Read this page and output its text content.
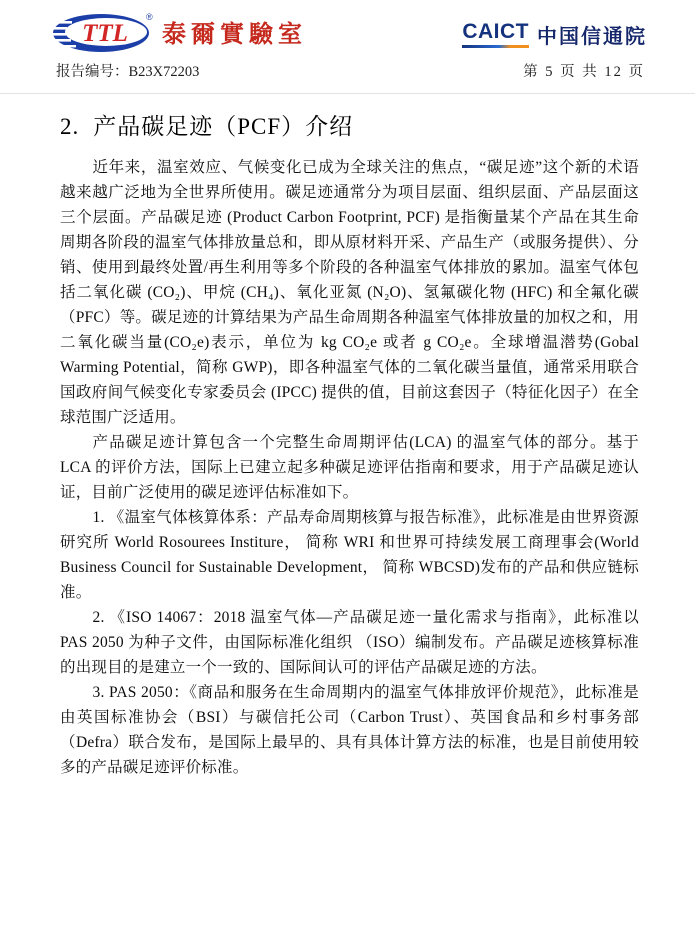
TTL
®
泰爾實驗室	CAICT 中国信通院
报告编号：B23X72203	第 5 页 共 12 页
2. 产品碳足迹（PCF）介绍

近年来，温室效应、气候变化已成为全球关注的焦点，“碳足迹”这个新的术语越来越广泛地为全世界所使用。碳足迹通常分为项目层面、组织层面、产品层面这三个层面。产品碳足迹 (Product Carbon Footprint, PCF) 是指衡量某个产品在其生命周期各阶段的温室气体排放量总和，即从原材料开采、产品生产（或服务提供）、分销、使用到最终处置/再生利用等多个阶段的各种温室气体排放的累加。温室气体包括二氧化碳 (CO₂)、甲烷 (CH₄)、氧化亚氮 (N₂O)、氢氟碳化物 (HFC) 和全氟化碳（PFC）等。碳足迹的计算结果为产品生命周期各种温室气体排放量的加权之和，用二氧化碳当量(CO₂e)表示，单位为 kg CO₂e 或者 g CO₂e。全球增温潜势(Gobal Warming Potential，简称 GWP)，即各种温室气体的二氧化碳当量值，通常采用联合国政府间气候变化专家委员会 (IPCC) 提供的值，目前这套因子（特征化因子）在全球范围广泛适用。

产品碳足迹计算包含一个完整生命周期评估(LCA) 的温室气体的部分。基于 LCA 的评价方法，国际上已建立起多种碳足迹评估指南和要求，用于产品碳足迹认证，目前广泛使用的碳足迹评估标准如下。

1. 《温室气体核算体系：产品寿命周期核算与报告标准》，此标准是由世界资源研究所 World Rosourees Institure， 简称 WRI 和世界可持续发展工商理事会(World Business Council for Sustainable Development， 简称 WBCSD)发布的产品和供应链标准。

2. 《ISO 14067：2018 温室气体—产品碳足迹一量化需求与指南》，此标准以PAS 2050 为种子文件，由国际标准化组织 （ISO）编制发布。产品碳足迹核算标准的出现目的是建立一个一致的、国际间认可的评估产品碳足迹的方法。

3. PAS 2050：《商品和服务在生命周期内的温室气体排放评价规范》，此标准是由英国标准协会（BSI）与碳信托公司（Carbon Trust）、英国食品和乡村事务部（Defra）联合发布，是国际上最早的、具有具体计算方法的标准，也是目前使用较多的产品碳足迹评价标准。
